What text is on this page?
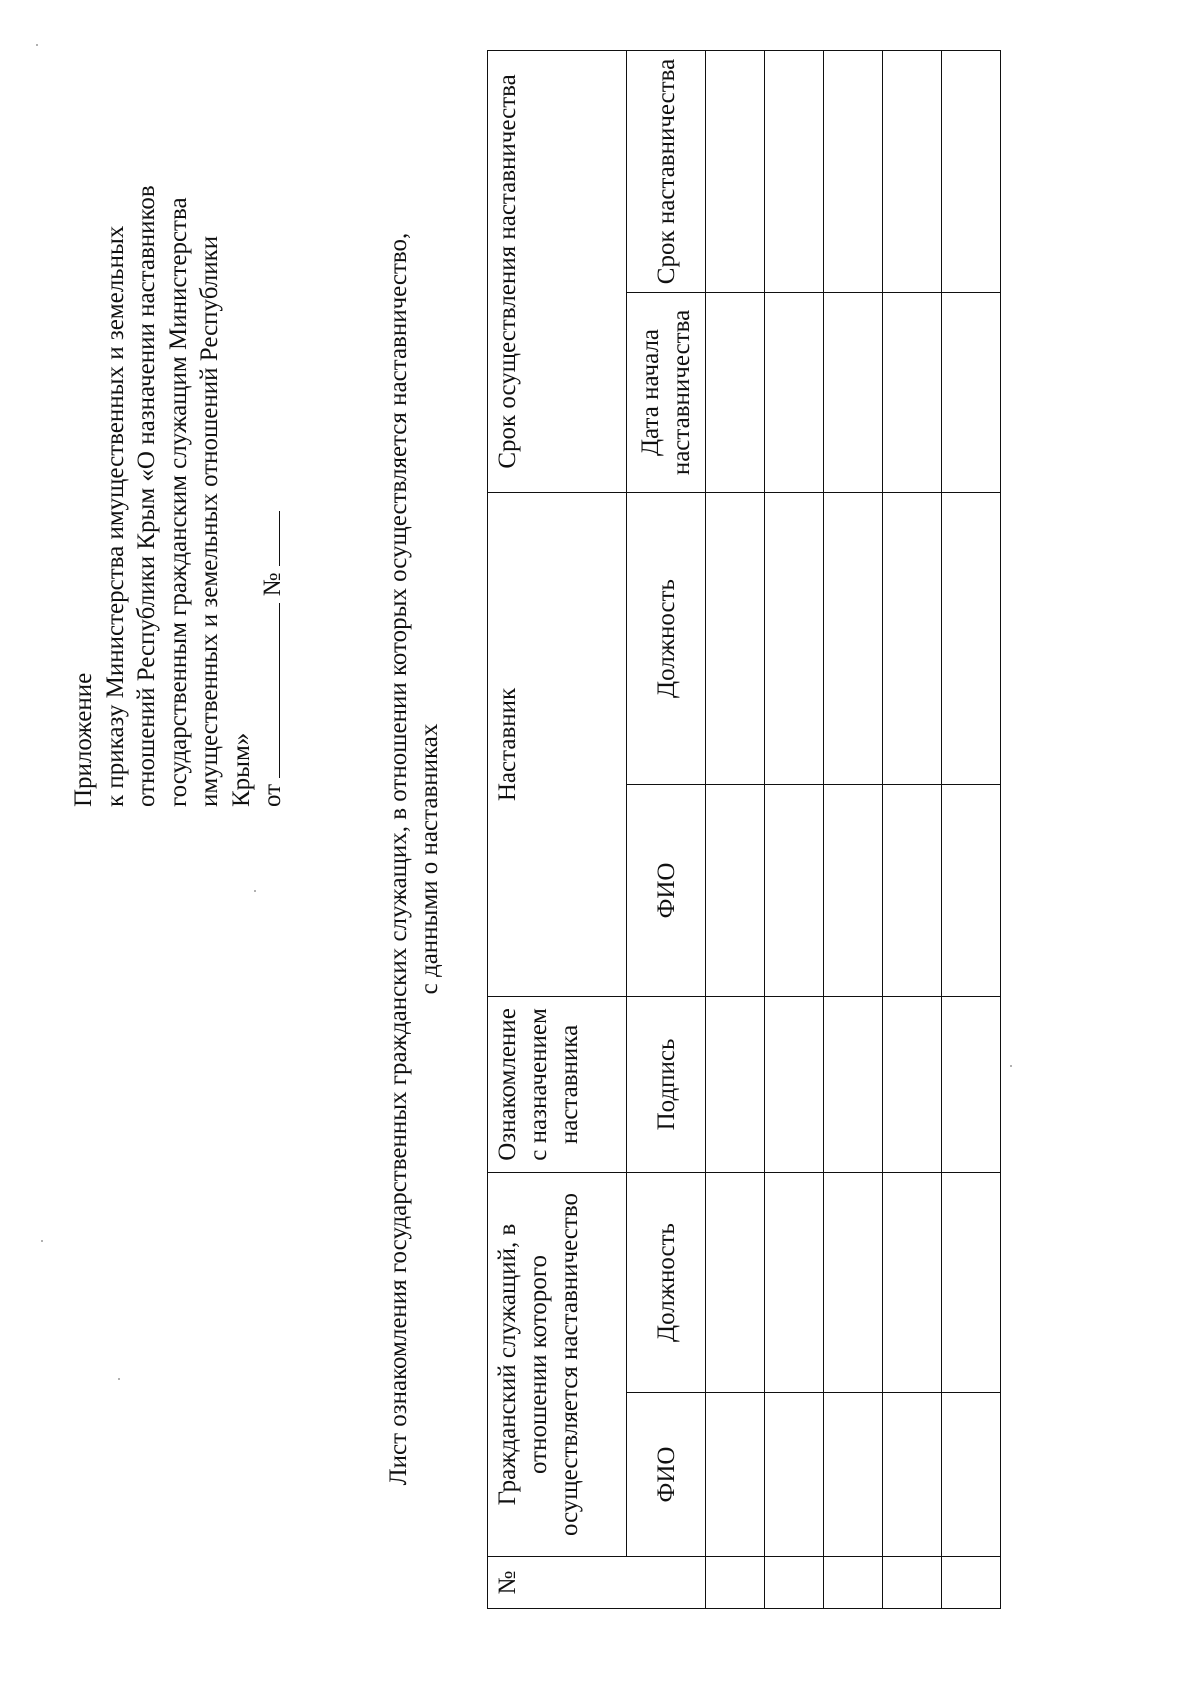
Приложение к приказу Министерства имущественных и земельных отношений Республики Крым «О назначении наставников государственным гражданским служащим Министерства имущественных и земельных отношений Республики Крым» от  №	Лист ознакомления государственных гражданских служащих, в отношении которых осуществляется наставничество, с данными о наставниках
№	Гражданский служащий, в отношении которого осуществляется наставничество		Ознакомление с назначением наставника	Наставник		Срок осуществления наставничества	
	ФИО	Должность	Подпись	ФИО	Должность	Дата начала наставничества	Срок наставничества
